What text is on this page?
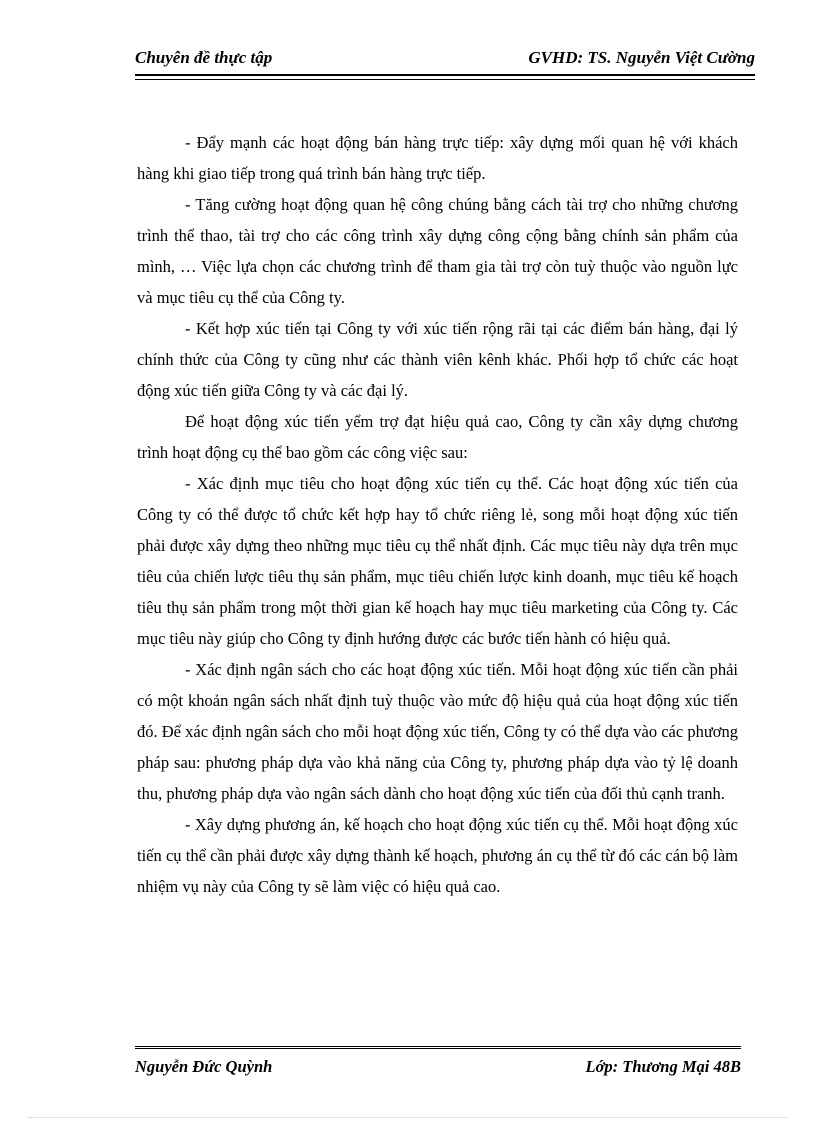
Chuyên đề thực tập	GVHD: TS. Nguyễn Việt Cường

- Đẩy mạnh các hoạt động bán hàng trực tiếp: xây dựng mối quan hệ với khách hàng khi giao tiếp trong quá trình bán hàng trực tiếp.

- Tăng cường hoạt động quan hệ công chúng bằng cách tài trợ cho những chương trình thể thao, tài trợ cho các công trình xây dựng công cộng bằng chính sản phẩm của mình, … Việc lựa chọn các chương trình để tham gia tài trợ còn tuỳ thuộc vào nguồn lực và mục tiêu cụ thể của Công ty.

- Kết hợp xúc tiến tại Công ty với xúc tiến rộng rãi tại các điểm bán hàng, đại lý chính thức của Công ty cũng như các thành viên kênh khác. Phối hợp tổ chức các hoạt động xúc tiến giữa Công ty và các đại lý.

Để hoạt động xúc tiến yểm trợ đạt hiệu quả cao, Công ty cần xây dựng chương trình hoạt động cụ thể bao gồm các công việc sau:

- Xác định mục tiêu cho hoạt động xúc tiến cụ thể. Các hoạt động xúc tiến của Công ty có thể được tổ chức kết hợp hay tổ chức riêng lẻ, song mỗi hoạt động xúc tiến phải được xây dựng theo những mục tiêu cụ thể nhất định. Các mục tiêu này dựa trên mục tiêu của chiến lược tiêu thụ sản phẩm, mục tiêu chiến lược kinh doanh, mục tiêu kế hoạch tiêu thụ sản phẩm trong một thời gian kế hoạch hay mục tiêu marketing của Công ty. Các mục tiêu này giúp cho Công ty định hướng được các bước tiến hành có hiệu quả.

- Xác định ngân sách cho các hoạt động xúc tiến. Mỗi hoạt động xúc tiến cần phải có một khoản ngân sách nhất định tuỳ thuộc vào mức độ hiệu quả của hoạt động xúc tiến đó. Để xác định ngân sách cho mỗi hoạt động xúc tiến, Công ty có thể dựa vào các phương pháp sau: phương pháp dựa vào khả năng của Công ty, phương pháp dựa vào tỷ lệ doanh thu, phương pháp dựa vào ngân sách dành cho hoạt động xúc tiến của đối thủ cạnh tranh.

- Xây dựng phương án, kế hoạch cho hoạt động xúc tiến cụ thể. Mỗi hoạt động xúc tiến cụ thể cần phải được xây dựng thành kế hoạch, phương án cụ thể từ đó các cán bộ làm nhiệm vụ này của Công ty sẽ làm việc có hiệu quả cao.

Nguyễn Đức Quỳnh	Lớp: Thương Mại 48B
